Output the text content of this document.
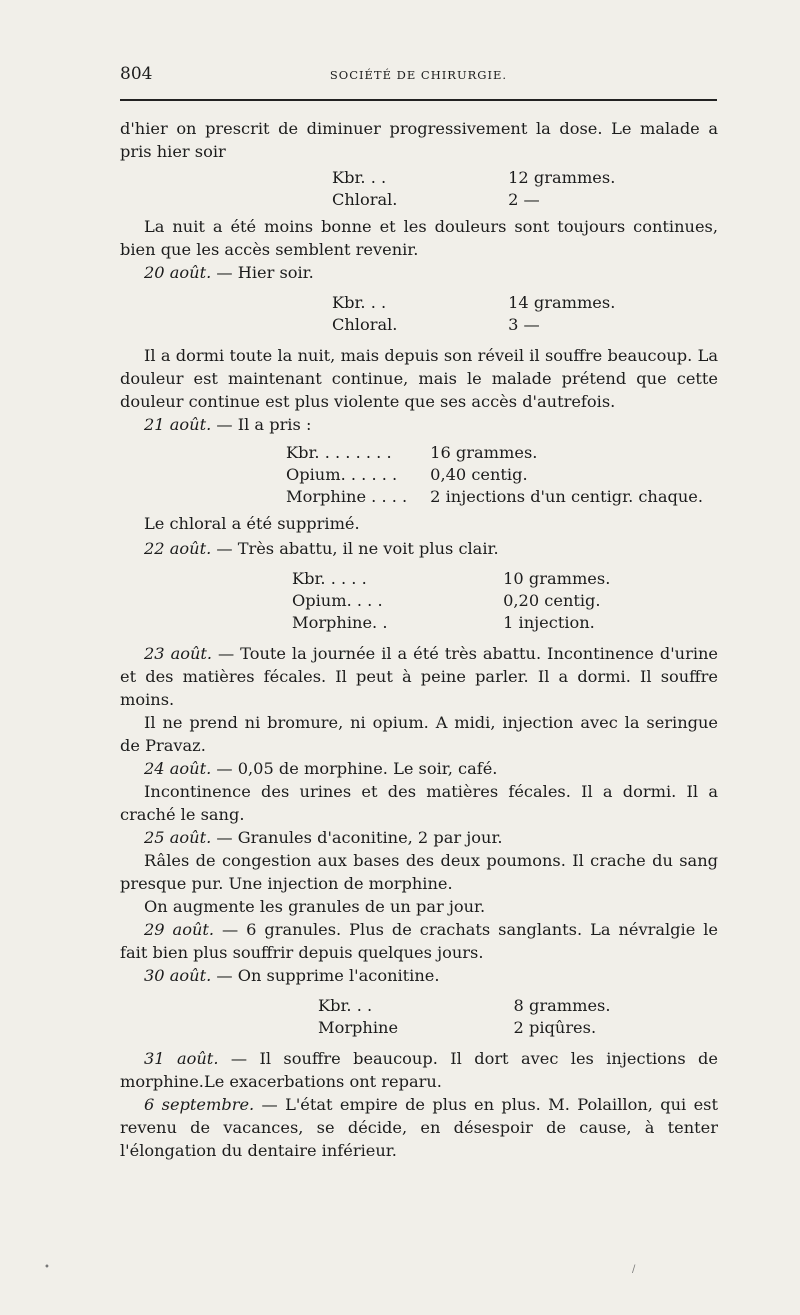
804	SOCIÉTÉ DE CHIRURGIE.

d'hier on prescrit de diminuer progressivement la dose. Le malade a pris hier soir

Kbr. . .	12 grammes.
Chloral.	2 —

La nuit a été moins bonne et les douleurs sont toujours continues, bien que les accès semblent revenir.

20 août. — Hier soir.

Kbr. . .	14 grammes.
Chloral.	3 —

Il a dormi toute la nuit, mais depuis son réveil il souffre beaucoup. La douleur est maintenant continue, mais le malade prétend que cette douleur continue est plus violente que ses accès d'autrefois.

21 août. — Il a pris :

Kbr. . . . . . . .	16 grammes.
Opium. . . . . .	0,40 centig.
Morphine . . . .	2 injections d'un centigr. chaque.

Le chloral a été supprimé.

22 août. — Très abattu, il ne voit plus clair.

Kbr. . . . .	10 grammes.
Opium. . . .	0,20 centig.
Morphine. .	1 injection.

23 août. — Toute la journée il a été très abattu. Incontinence d'urine et des matières fécales. Il peut à peine parler. Il a dormi. Il souffre moins.

Il ne prend ni bromure, ni opium. A midi, injection avec la seringue de Pravaz.

24 août. — 0,05 de morphine. Le soir, café.

Incontinence des urines et des matières fécales. Il a dormi. Il a craché le sang.

25 août. — Granules d'aconitine, 2 par jour.

Râles de congestion aux bases des deux poumons. Il crache du sang presque pur. Une injection de morphine.

On augmente les granules de un par jour.

29 août. — 6 granules. Plus de crachats sanglants. La névralgie le fait bien plus souffrir depuis quelques jours.

30 août. — On supprime l'aconitine.

Kbr. . .	8 grammes.
Morphine	2 piqûres.

31 août. — Il souffre beaucoup. Il dort avec les injections de morphine.Le exacerbations ont reparu.

6 septembre. — L'état empire de plus en plus. M. Polaillon, qui est revenu de vacances, se décide, en désespoir de cause, à tenter l'élongation du dentaire inférieur.

•	/
